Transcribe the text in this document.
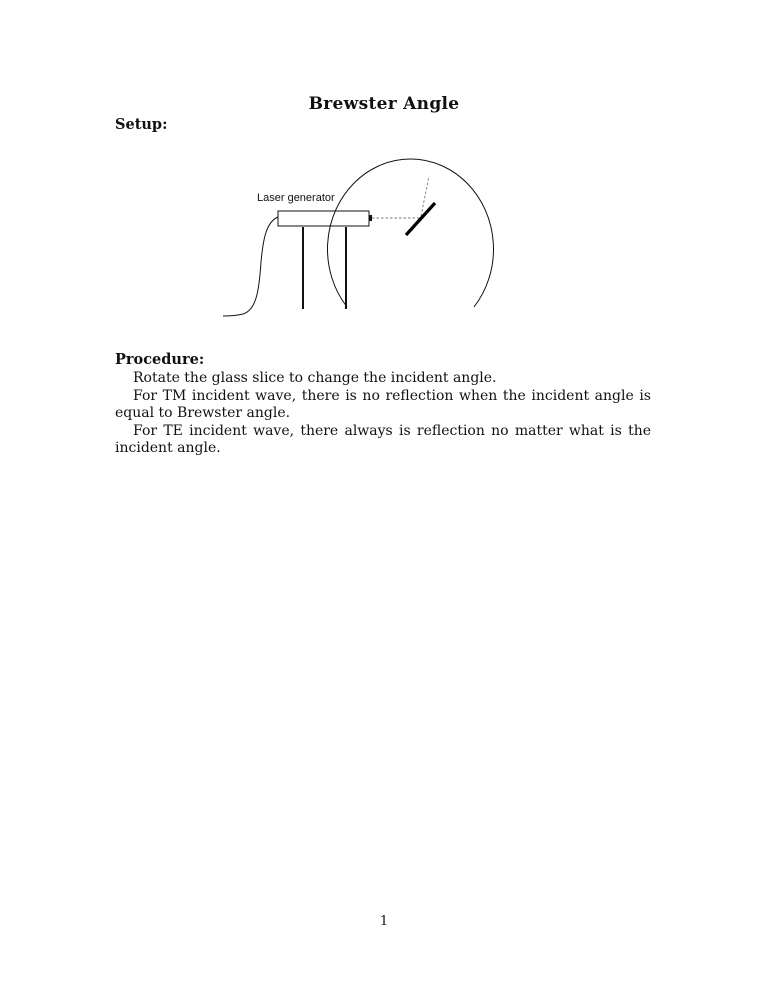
Brewster Angle
Setup:
Laser generator
Procedure:

Rotate the glass slice to change the incident angle.

For TM incident wave, there is no reflection when the incident angle is equal to Brewster angle.

For TE incident wave, there always is reflection no matter what is the incident angle.

1
